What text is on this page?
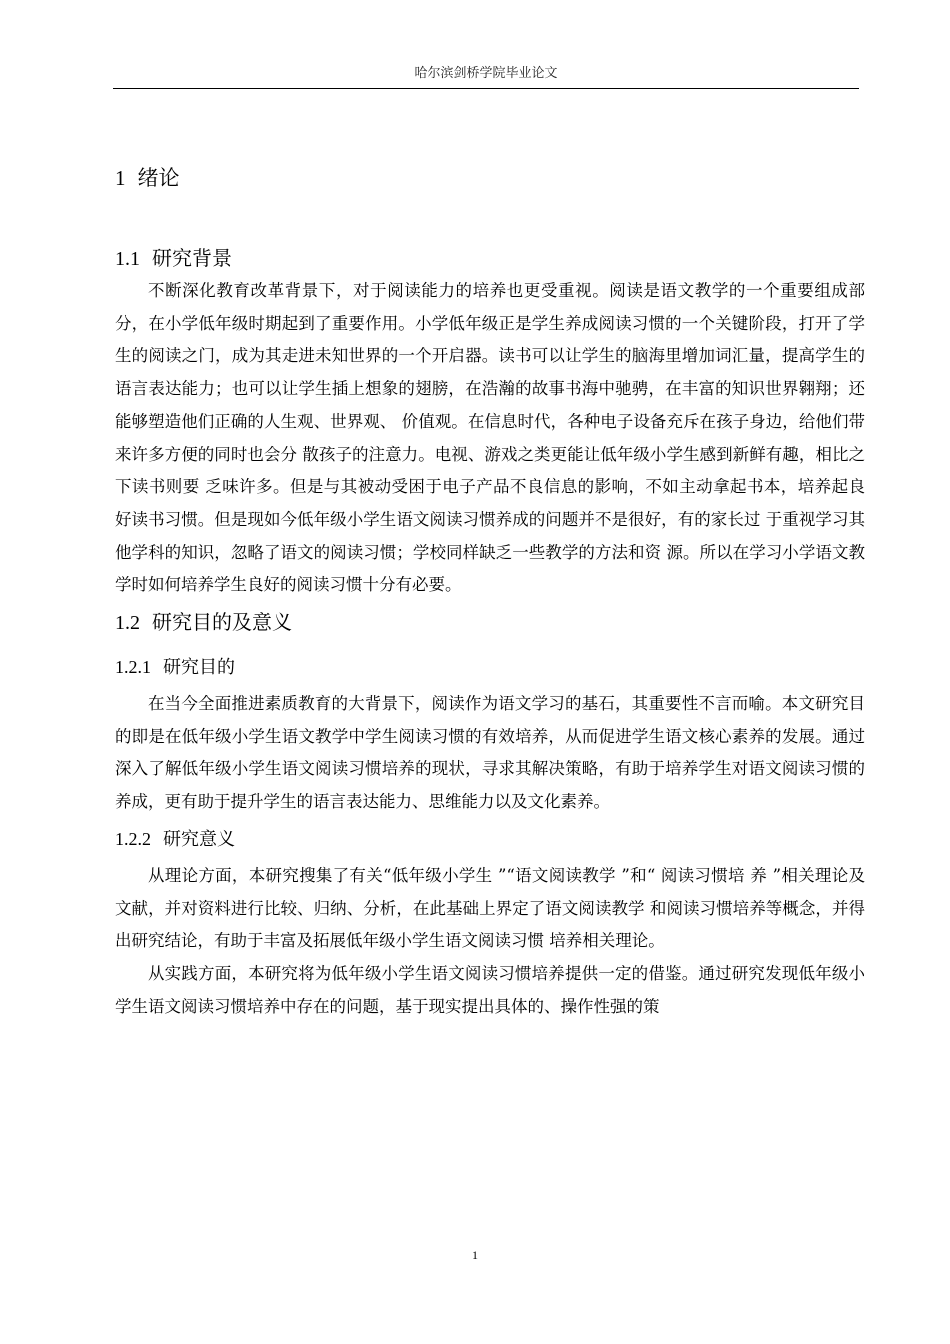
哈尔滨剑桥学院毕业论文
1 绪论
1.1 研究背景

不断深化教育改革背景下，对于阅读能力的培养也更受重视。阅读是语文教学的一个重要组成部分，在小学低年级时期起到了重要作用。小学低年级正是学生养成阅读习惯的一个关键阶段，打开了学生的阅读之门，成为其走进未知世界的一个开启器。读书可以让学生的脑海里增加词汇量，提高学生的语言表达能力；也可以让学生插上想象的翅膀，在浩瀚的故事书海中驰骋，在丰富的知识世界翱翔；还能够塑造他们正确的人生观、世界观、 价值观。在信息时代，各种电子设备充斥在孩子身边，给他们带来许多方便的同时也会分 散孩子的注意力。电视、游戏之类更能让低年级小学生感到新鲜有趣，相比之下读书则要 乏味许多。但是与其被动受困于电子产品不良信息的影响，不如主动拿起书本，培养起良 好读书习惯。但是现如今低年级小学生语文阅读习惯养成的问题并不是很好，有的家长过 于重视学习其他学科的知识，忽略了语文的阅读习惯；学校同样缺乏一些教学的方法和资 源。所以在学习小学语文教学时如何培养学生良好的阅读习惯十分有必要。

1.2 研究目的及意义
1.2.1 研究目的

在当今全面推进素质教育的大背景下，阅读作为语文学习的基石，其重要性不言而喻。本文研究目的即是在低年级小学生语文教学中学生阅读习惯的有效培养，从而促进学生语文核心素养的发展。通过深入了解低年级小学生语文阅读习惯培养的现状，寻求其解决策略，有助于培养学生对语文阅读习惯的养成，更有助于提升学生的语言表达能力、思维能力以及文化素养。

1.2.2 研究意义

从理论方面，本研究搜集了有关“低年级小学生 ”“语文阅读教学 ”和“ 阅读习惯培 养 ”相关理论及文献，并对资料进行比较、归纳、分析，在此基础上界定了语文阅读教学 和阅读习惯培养等概念，并得出研究结论，有助于丰富及拓展低年级小学生语文阅读习惯 培养相关理论。

从实践方面，本研究将为低年级小学生语文阅读习惯培养提供一定的借鉴。通过研究发现低年级小学生语文阅读习惯培养中存在的问题，基于现实提出具体的、操作性强的策

1
